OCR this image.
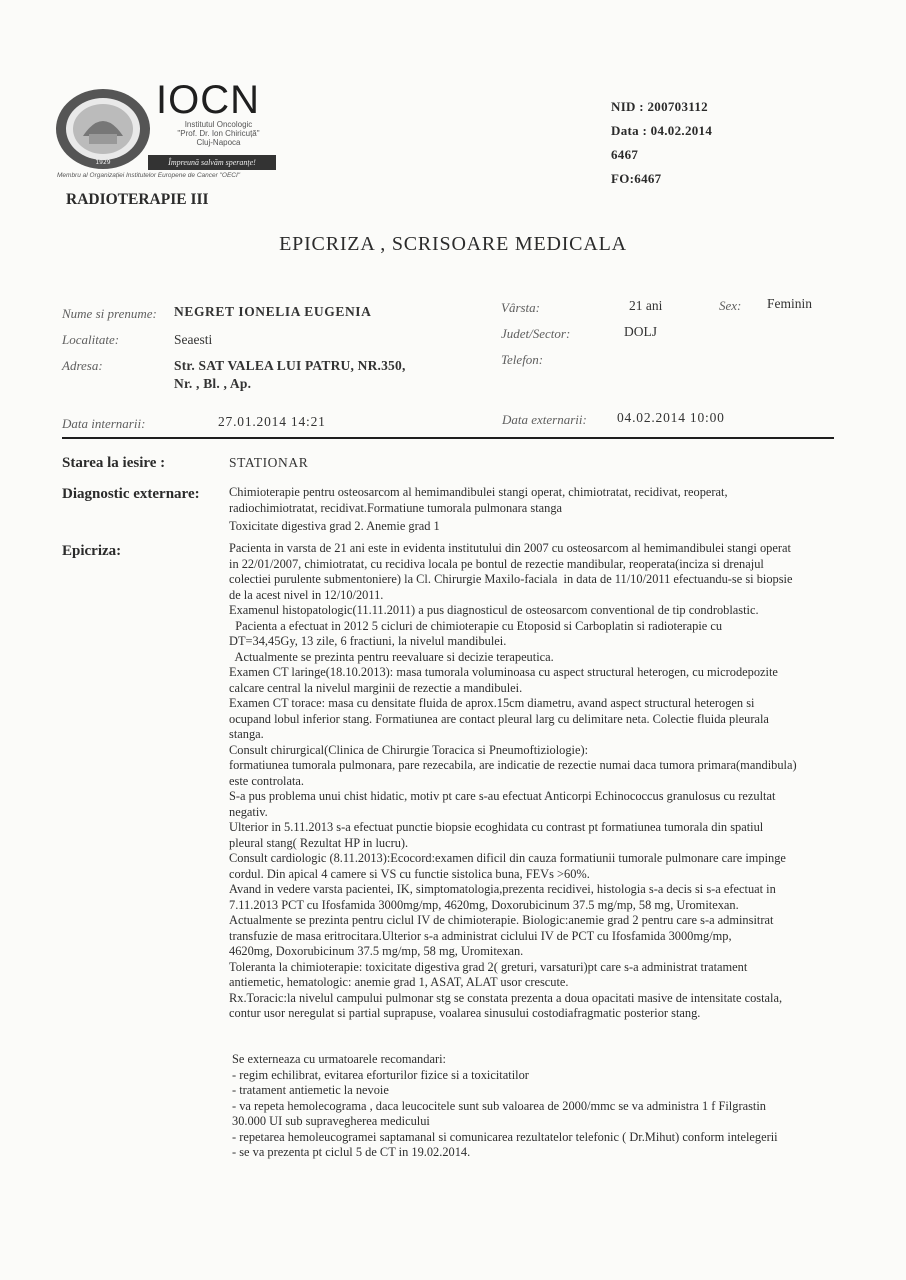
1929
IOCN
Institutul Oncologic
"Prof. Dr. Ion Chiricuță"
Cluj-Napoca
Împreună salvăm speranțe!
Membru al Organizației Institutelor Europene de Cancer "OECI"
NID : 200703112
Data : 04.02.2014
6467
FO:6467
RADIOTERAPIE III
EPICRIZA , SCRISOARE MEDICALA
Nume si prenume: NEGRET IONELIA EUGENIA	Vârsta:	21 ani	Sex: Feminin
Localitate:	Seaesti	Judet/Sector:	DOLJ
Adresa:	Str. SAT VALEA LUI PATRU, NR.350,
Nr. , Bl. , Ap.
Telefon:
Data internarii:	27.01.2014 14:21	Data externarii: 04.02.2014 10:00
Starea la iesire :	STATIONAR
Diagnostic externare: Chimioterapie pentru osteosarcom al hemimandibulei stangi operat, chimiotratat, recidivat, reoperat,
radiochimiotratat, recidivat.Formatiune tumorala pulmonara stanga
Toxicitate digestiva grad 2. Anemie grad 1
Epicriza:	Pacienta in varsta de 21 ani este in evidenta institutului din 2007 cu osteosarcom al hemimandibulei stangi operat
in 22/01/2007, chimiotratat, cu recidiva locala pe bontul de rezectie mandibular, reoperata(inciza si drenajul
colectiei purulente submentoniere) la Cl. Chirurgie Maxilo-faciala  in data de 11/10/2011 efectuandu-se si biopsie
de la acest nivel in 12/10/2011.
Examenul histopatologic(11.11.2011) a pus diagnosticul de osteosarcom conventional de tip condroblastic.
Pacienta a efectuat in 2012 5 cicluri de chimioterapie cu Etoposid si Carboplatin si radioterapie cu
DT=34,45Gy, 13 zile, 6 fractiuni, la nivelul mandibulei.
Actualmente se prezinta pentru reevaluare si decizie terapeutica.
Examen CT laringe(18.10.2013): masa tumorala voluminoasa cu aspect structural heterogen, cu microdepozite
calcare central la nivelul marginii de rezectie a mandibulei.
Examen CT torace: masa cu densitate fluida de aprox.15cm diametru, avand aspect structural heterogen si
ocupand lobul inferior stang. Formatiunea are contact pleural larg cu delimitare neta. Colectie fluida pleurala
stanga.
Consult chirurgical(Clinica de Chirurgie Toracica si Pneumoftiziologie):
formatiunea tumorala pulmonara, pare rezecabila, are indicatie de rezectie numai daca tumora primara(mandibula)
este controlata.
S-a pus problema unui chist hidatic, motiv pt care s-au efectuat Anticorpi Echinococcus granulosus cu rezultat
negativ.
Ulterior in 5.11.2013 s-a efectuat punctie biopsie ecoghidata cu contrast pt formatiunea tumorala din spatiul
pleural stang( Rezultat HP in lucru).
Consult cardiologic (8.11.2013):Ecocord:examen dificil din cauza formatiunii tumorale pulmonare care impinge
cordul. Din apical 4 camere si VS cu functie sistolica buna, FEVs >60%.
Avand in vedere varsta pacientei, IK, simptomatologia,prezenta recidivei, histologia s-a decis si s-a efectuat in
7.11.2013 PCT cu Ifosfamida 3000mg/mp, 4620mg, Doxorubicinum 37.5 mg/mp, 58 mg, Uromitexan.
Actualmente se prezinta pentru ciclul IV de chimioterapie. Biologic:anemie grad 2 pentru care s-a adminsitrat
transfuzie de masa eritrocitara.Ulterior s-a administrat ciclului IV de PCT cu Ifosfamida 3000mg/mp,
4620mg, Doxorubicinum 37.5 mg/mp, 58 mg, Uromitexan.
Toleranta la chimioterapie: toxicitate digestiva grad 2( greturi, varsaturi)pt care s-a administrat tratament
antiemetic, hematologic: anemie grad 1, ASAT, ALAT usor crescute.
Rx.Toracic:la nivelul campului pulmonar stg se constata prezenta a doua opacitati masive de intensitate costala,
contur usor neregulat si partial suprapuse, voalarea sinusului costodiafragmatic posterior stang.
Se externeaza cu urmatoarele recomandari:
- regim echilibrat, evitarea eforturilor fizice si a toxicitatilor
- tratament antiemetic la nevoie
- va repeta hemolecograma , daca leucocitele sunt sub valoarea de 2000/mmc se va administra 1 f Filgrastin
30.000 UI sub supravegherea medicului
- repetarea hemoleucogramei saptamanal si comunicarea rezultatelor telefonic ( Dr.Mihut) conform intelegerii
- se va prezenta pt ciclul 5 de CT in 19.02.2014.
